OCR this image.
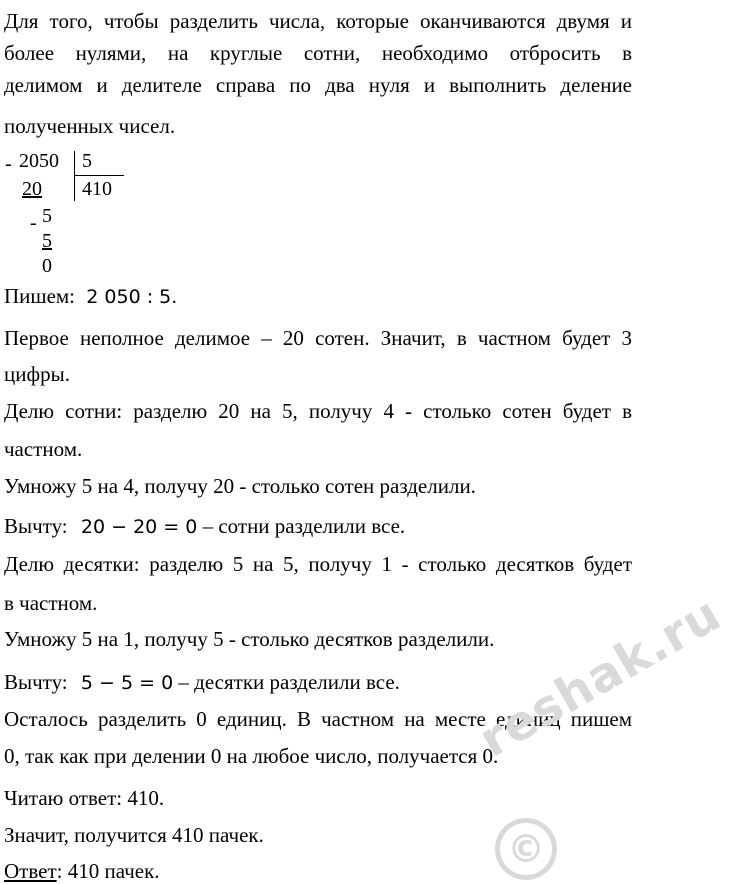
Для того, чтобы разделить числа, которые оканчиваются двумя и
более нулями, на круглые сотни, необходимо отбросить в
делимом и делителе справа по два нуля и выполнить деление
полученных чисел.
- 2050 5
20 410
- 5
5
0
Пишем: 2 050 : 5.
Первое неполное делимое – 20 сотен. Значит, в частном будет 3
цифры.
Делю сотни: разделю 20 на 5, получу 4 - столько сотен будет в
частном.
Умножу 5 на 4, получу 20 - столько сотен разделили.
Вычту: 20 − 20 = 0 – сотни разделили все.
Делю десятки: разделю 5 на 5, получу 1 - столько десятков будет
в частном.
Умножу 5 на 1, получу 5 - столько десятков разделили.
Вычту: 5 − 5 = 0 – десятки разделили все.
Осталось разделить 0 единиц. В частном на месте единиц пишем
0, так как при делении 0 на любое число, получается 0.
reshak.ru
©
Читаю ответ: 410.
Значит, получится 410 пачек.
Ответ: 410 пачек.
